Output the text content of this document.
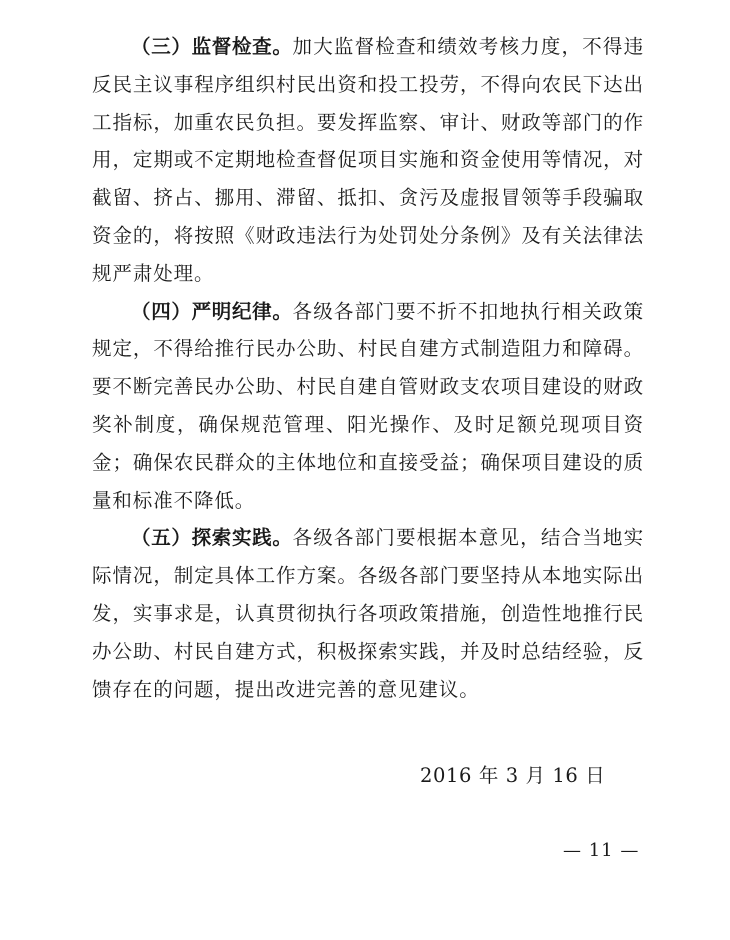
（三）监督检查。加大监督检查和绩效考核力度，不得违反民主议事程序组织村民出资和投工投劳，不得向农民下达出工指标，加重农民负担。要发挥监察、审计、财政等部门的作用，定期或不定期地检查督促项目实施和资金使用等情况，对截留、挤占、挪用、滞留、抵扣、贪污及虚报冒领等手段骗取资金的，将按照《财政违法行为处罚处分条例》及有关法律法规严肃处理。

（四）严明纪律。各级各部门要不折不扣地执行相关政策规定，不得给推行民办公助、村民自建方式制造阻力和障碍。要不断完善民办公助、村民自建自管财政支农项目建设的财政奖补制度，确保规范管理、阳光操作、及时足额兑现项目资金；确保农民群众的主体地位和直接受益；确保项目建设的质量和标准不降低。

（五）探索实践。各级各部门要根据本意见，结合当地实际情况，制定具体工作方案。各级各部门要坚持从本地实际出发，实事求是，认真贯彻执行各项政策措施，创造性地推行民办公助、村民自建方式，积极探索实践，并及时总结经验，反馈存在的问题，提出改进完善的意见建议。

2016 年 3 月 16 日
— 11 —
